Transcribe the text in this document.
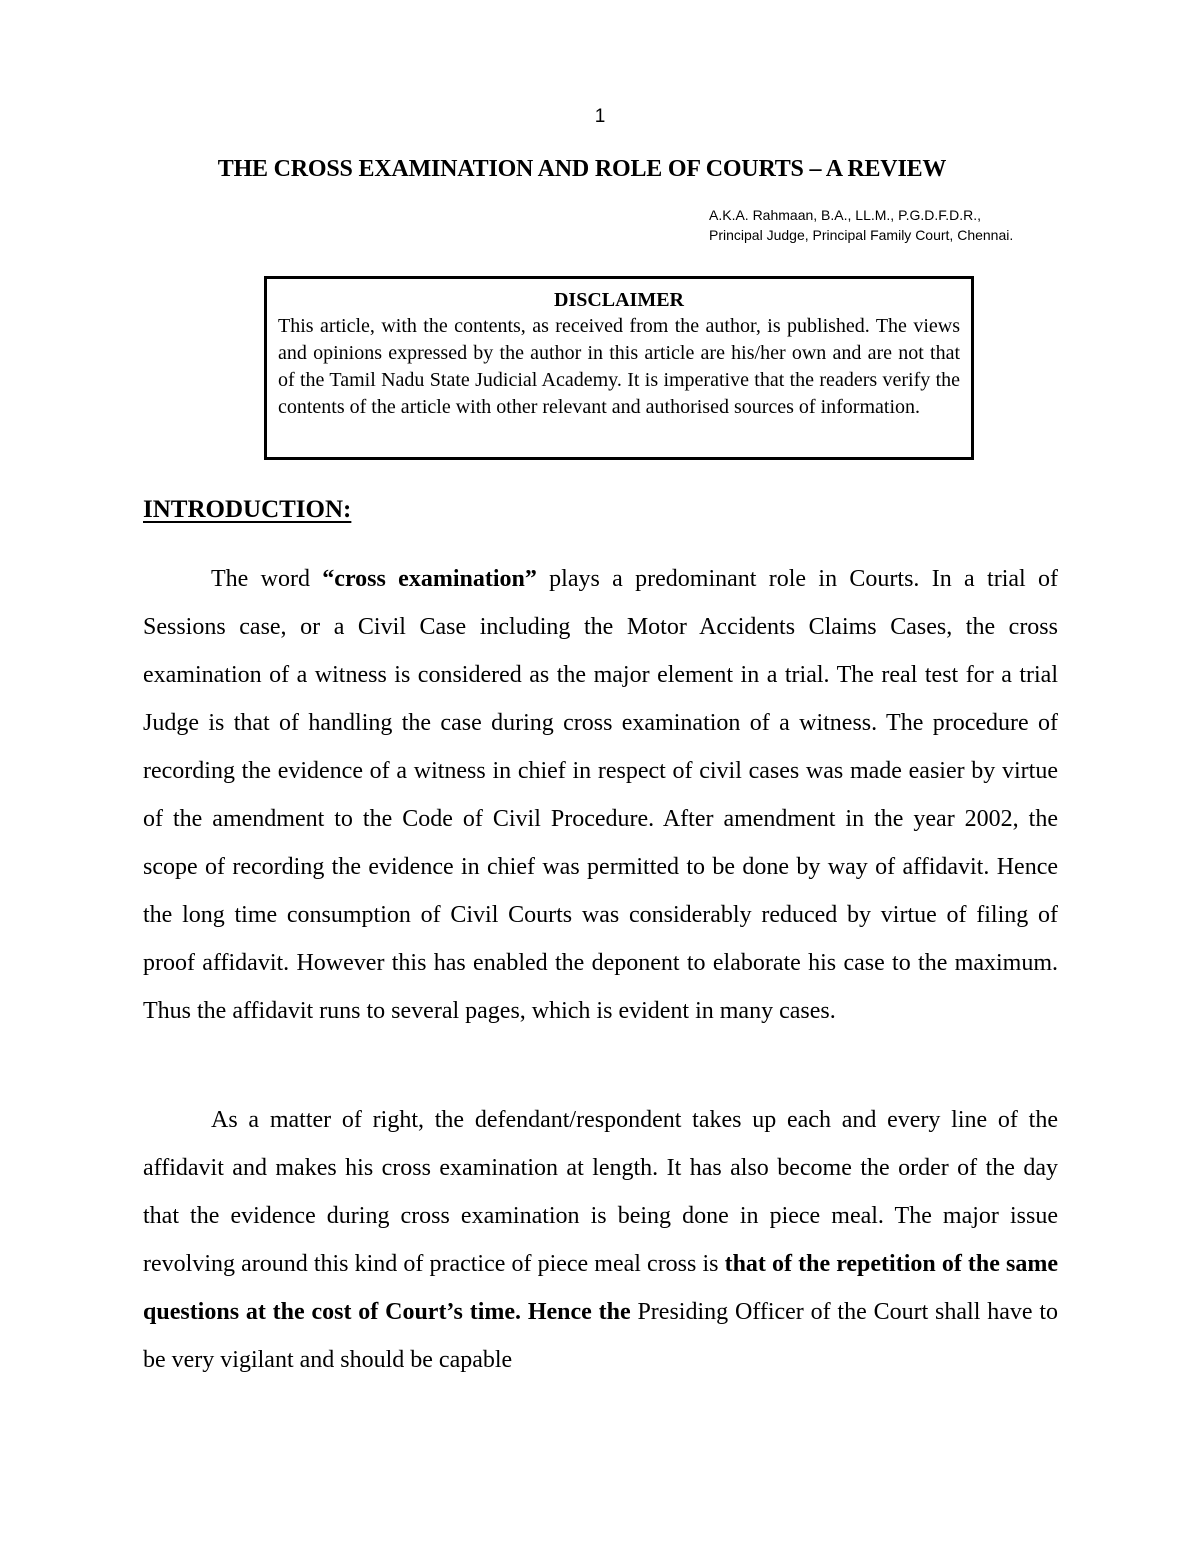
1
THE CROSS EXAMINATION AND ROLE OF COURTS – A REVIEW
A.K.A. Rahmaan, B.A., LL.M., P.G.D.F.D.R.,
Principal Judge, Principal Family Court, Chennai.
DISCLAIMER
This article, with the contents, as received from the author, is published. The views and opinions expressed by the author in this article are his/her own and are not that of the Tamil Nadu State Judicial Academy. It is imperative that the readers verify the contents of the article with other relevant and authorised sources of information.
INTRODUCTION:

The word “cross examination” plays a predominant role in Courts. In a trial of Sessions case, or a Civil Case including the Motor Accidents Claims Cases, the cross examination of a witness is considered as the major element in a trial. The real test for a trial Judge is that of handling the case during cross examination of a witness. The procedure of recording the evidence of a witness in chief in respect of civil cases was made easier by virtue of the amendment to the Code of Civil Procedure. After amendment in the year 2002, the scope of recording the evidence in chief was permitted to be done by way of affidavit. Hence the long time consumption of Civil Courts was considerably reduced by virtue of filing of proof affidavit. However this has enabled the deponent to elaborate his case to the maximum. Thus the affidavit runs to several pages, which is evident in many cases.

As a matter of right, the defendant/respondent takes up each and every line of the affidavit and makes his cross examination at length. It has also become the order of the day that the evidence during cross examination is being done in piece meal. The major issue revolving around this kind of practice of piece meal cross is that of the repetition of the same questions at the cost of Court’s time. Hence the Presiding Officer of the Court shall have to be very vigilant and should be capable
